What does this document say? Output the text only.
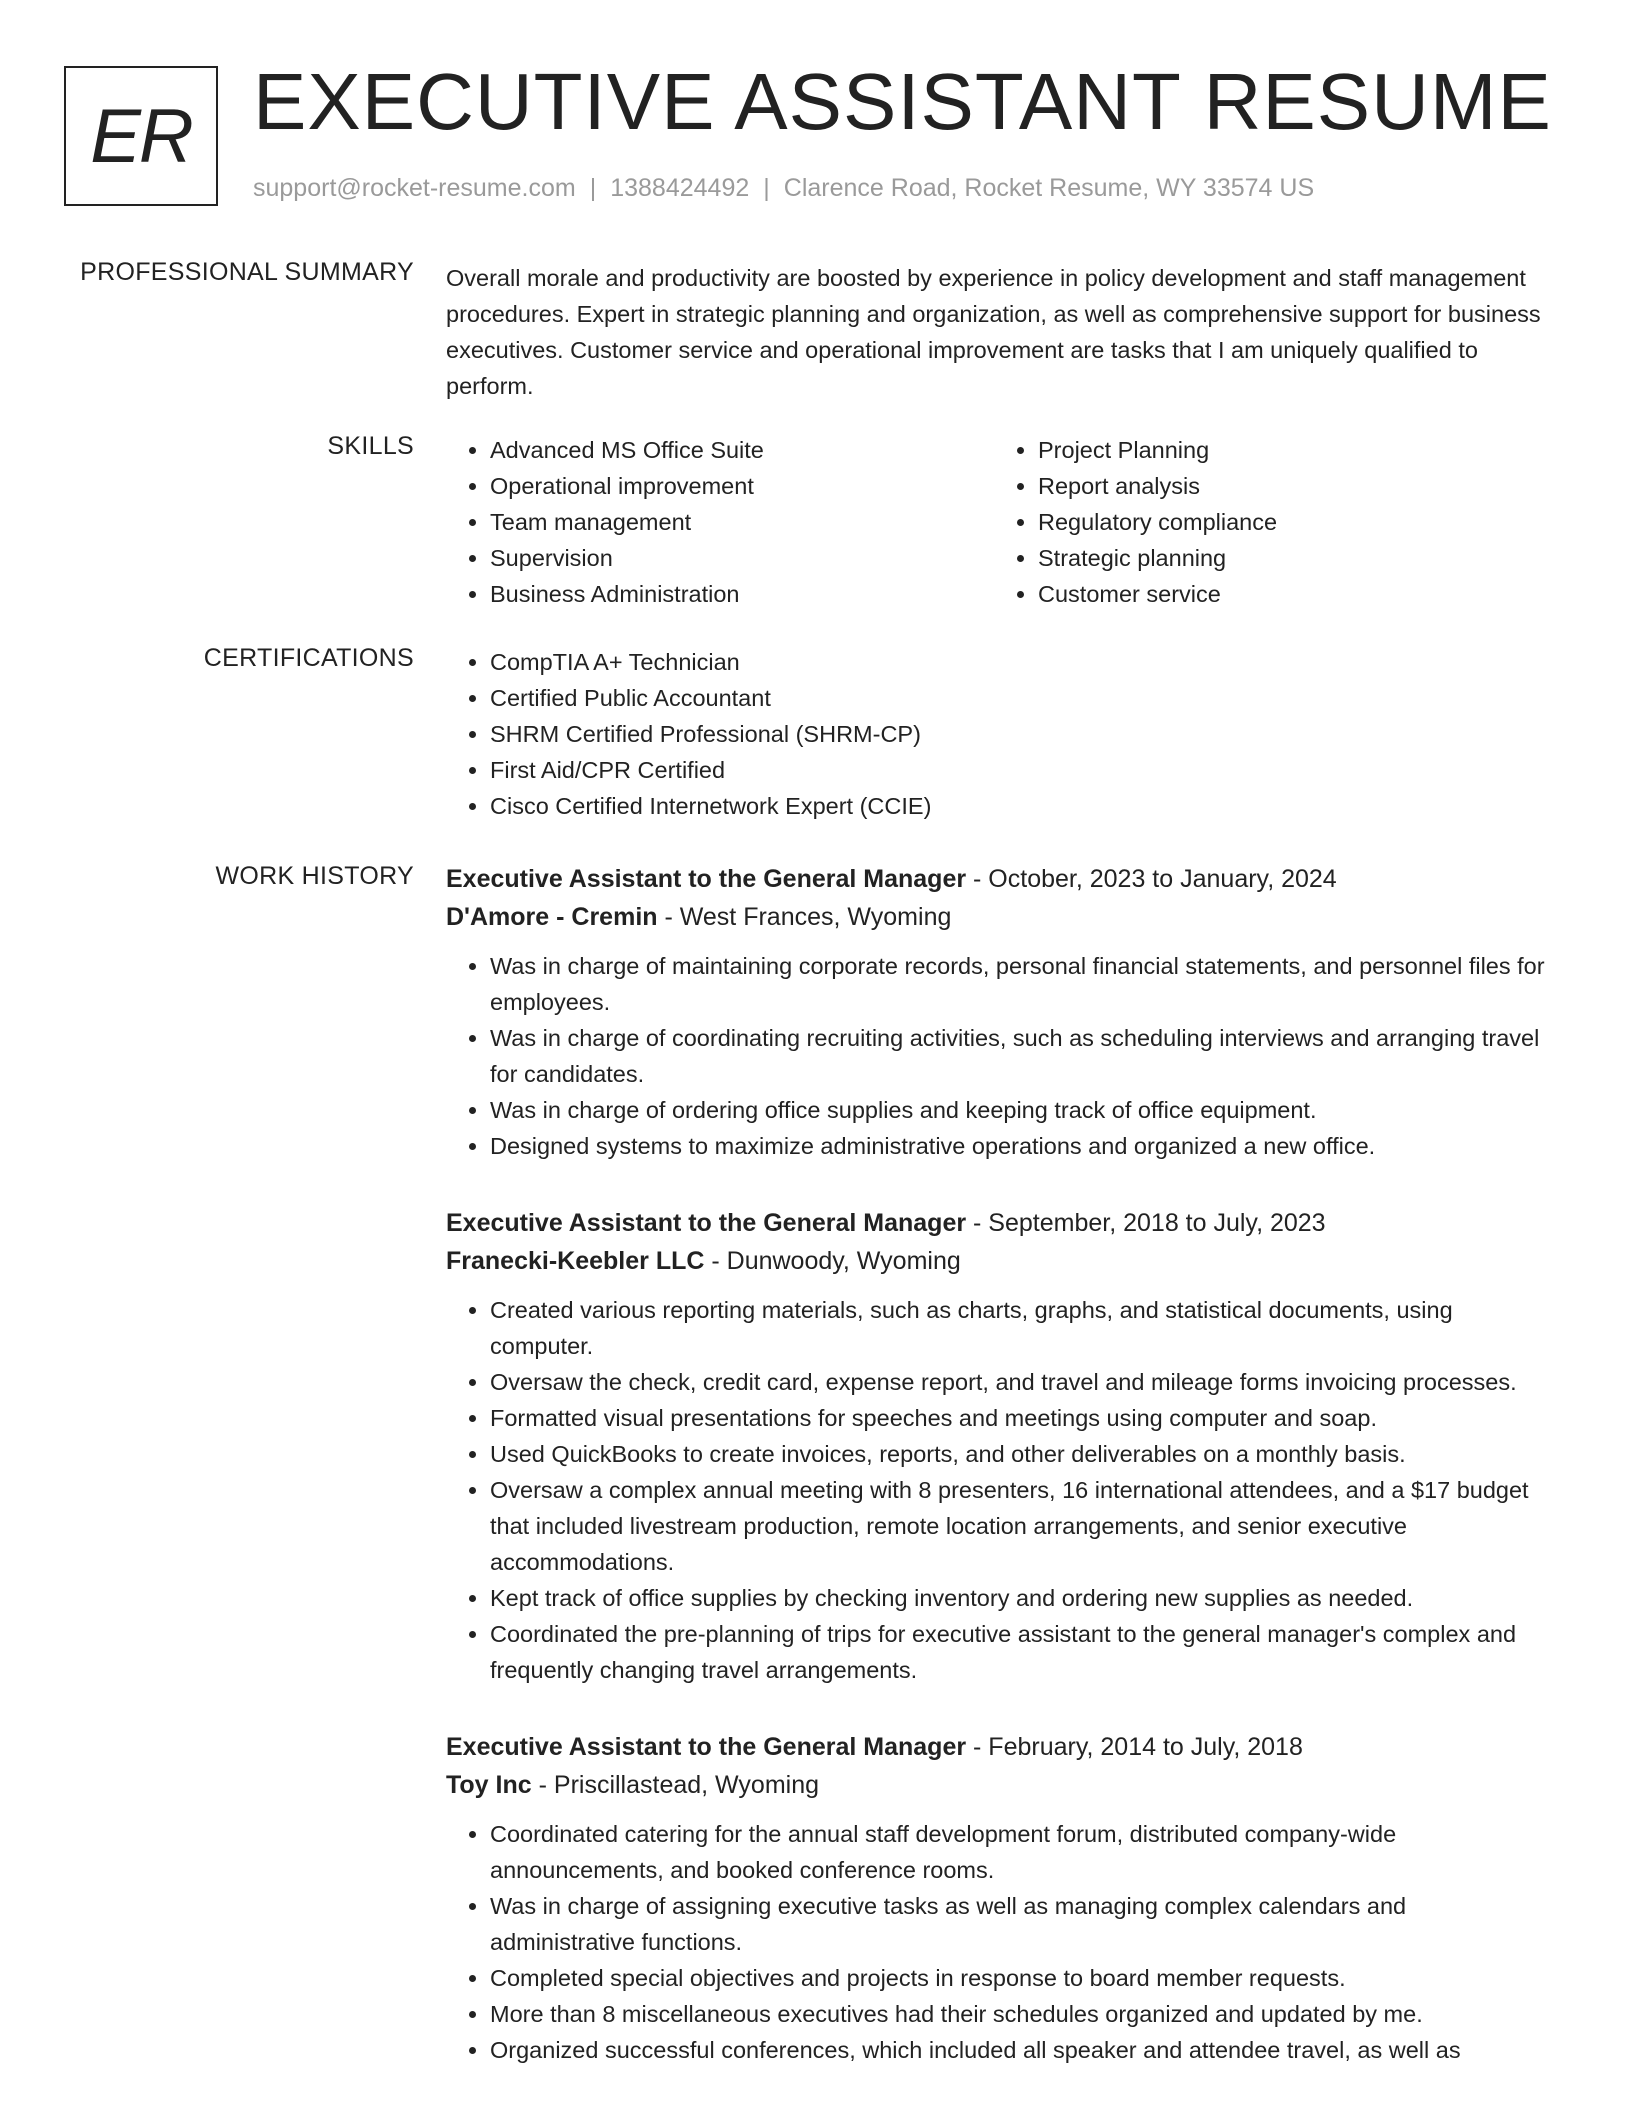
ER EXECUTIVE ASSISTANT RESUME
support@rocket-resume.com | 1388424492 | Clarence Road, Rocket Resume, WY 33574 US
PROFESSIONAL SUMMARY Overall morale and productivity are boosted by experience in policy development and staff management procedures. Expert in strategic planning and organization, as well as comprehensive support for business executives. Customer service and operational improvement are tasks that I am uniquely qualified to perform.
SKILLS	• Advanced MS Office Suite
• Operational improvement
• Team management
• Supervision
• Business Administration
• Project Planning
• Report analysis
• Regulatory compliance
• Strategic planning
• Customer service
CERTIFICATIONS	• CompTIA A+ Technician
• Certified Public Accountant
• SHRM Certified Professional (SHRM-CP)
• First Aid/CPR Certified
• Cisco Certified Internetwork Expert (CCIE)
WORK HISTORY Executive Assistant to the General Manager - October, 2023 to January, 2024
D'Amore - Cremin - West Frances, Wyoming
• Was in charge of maintaining corporate records, personal financial statements, and personnel files for employees.
• Was in charge of coordinating recruiting activities, such as scheduling interviews and arranging travel for candidates.
• Was in charge of ordering office supplies and keeping track of office equipment.
• Designed systems to maximize administrative operations and organized a new office.
Executive Assistant to the General Manager - September, 2018 to July, 2023
Franecki-Keebler LLC - Dunwoody, Wyoming
• Created various reporting materials, such as charts, graphs, and statistical documents, using computer.
• Oversaw the check, credit card, expense report, and travel and mileage forms invoicing processes.
• Formatted visual presentations for speeches and meetings using computer and soap.
• Used QuickBooks to create invoices, reports, and other deliverables on a monthly basis.
• Oversaw a complex annual meeting with 8 presenters, 16 international attendees, and a $17 budget that included livestream production, remote location arrangements, and senior executive accommodations.
• Kept track of office supplies by checking inventory and ordering new supplies as needed.
• Coordinated the pre-planning of trips for executive assistant to the general manager's complex and frequently changing travel arrangements.
Executive Assistant to the General Manager - February, 2014 to July, 2018
Toy Inc - Priscillastead, Wyoming
• Coordinated catering for the annual staff development forum, distributed company-wide announcements, and booked conference rooms.
• Was in charge of assigning executive tasks as well as managing complex calendars and administrative functions.
• Completed special objectives and projects in response to board member requests.
• More than 8 miscellaneous executives had their schedules organized and updated by me.
• Organized successful conferences, which included all speaker and attendee travel, as well as
